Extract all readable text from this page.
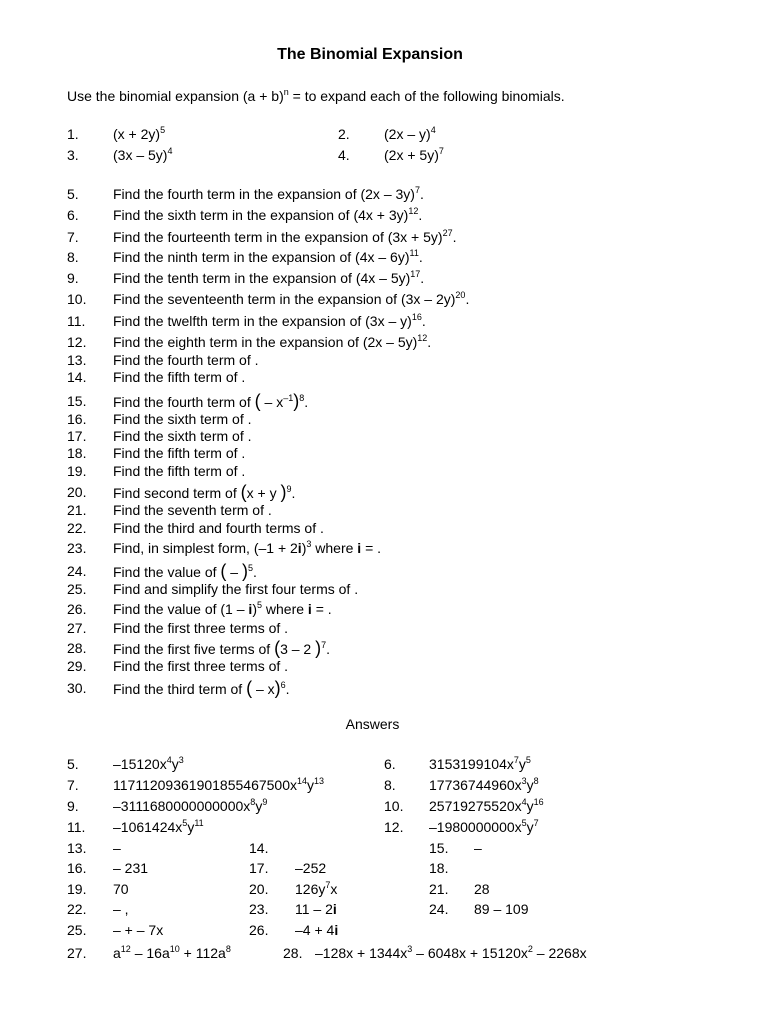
The Binomial Expansion
Use the binomial expansion $(a + b)^n$ = to expand each of the following binomials.
1. $(x + 2y)^5$	2. (2x – y)$^4$
3. (3x – 5y)$^4$	4. $(2x + 5y)^7$
5. Find the fourth term in the expansion of (2x – 3y)$^7$.
6. Find the sixth term in the expansion of $(4x + 3y)^{12}$.
7. Find the fourteenth term in the expansion of $(3x + 5y)^{27}$.
8. Find the ninth term in the expansion of (4x – 6y)$^{11}$.
9. Find the tenth term in the expansion of (4x – 5y)$^{17}$.
10. Find the seventeenth term in the expansion of (3x – 2y)$^{20}$.
11. Find the twelfth term in the expansion of (3x – y)$^{16}$.
12. Find the eighth term in the expansion of (2x – 5y)$^{12}$.
13. Find the fourth term of .
14. Find the fifth term of .
15. Find the fourth term of ( – $x^{-1})^8$.
16. Find the sixth term of .
17. Find the sixth term of .
18. Find the fifth term of .
19. Find the fifth term of .
20. Find second term of (x + y )$^9$.
21. Find the seventh term of .
22. Find the third and fourth terms of .
23. Find, in simplest form, $(-1 + 2i)^3$ where i = .
24. Find the value of ( – )$^5$.
25. Find and simplify the first four terms of .
26. Find the value of (1 – i)$^5$ where i = .
27. Find the first three terms of .
28. Find the first five terms of (3 – 2 )$^7$.
29. Find the first three terms of .
30. Find the third term of ( – x)$^6$.
Answers
5. $-15120x^4y^3$	6. $3153199104x^7y^5$
7. $117112093619018554675​00x^{14}y^{13}$	8. $17736744960x^3y^8$
9. $-3111680000000000x^8y^9$	10. $25719275520x^4y^{16}$
11. $-1061424x^5y^{11}$	12. $-1980000000x^5y^7$
13. –	14.	15. –
16. – 231	17. –252	18.
19. 70	20. $126y^7x$	21. 28
22. – ,	23. 11 – 2i	24. 89 – 109
25. – + – 7x	26. –4 + 4i
27. $a^{12} - 16a^{10} + 112a^8$	28. $-128x + 1344x^3 - 6048x + 15120x^2 - 2268x$
